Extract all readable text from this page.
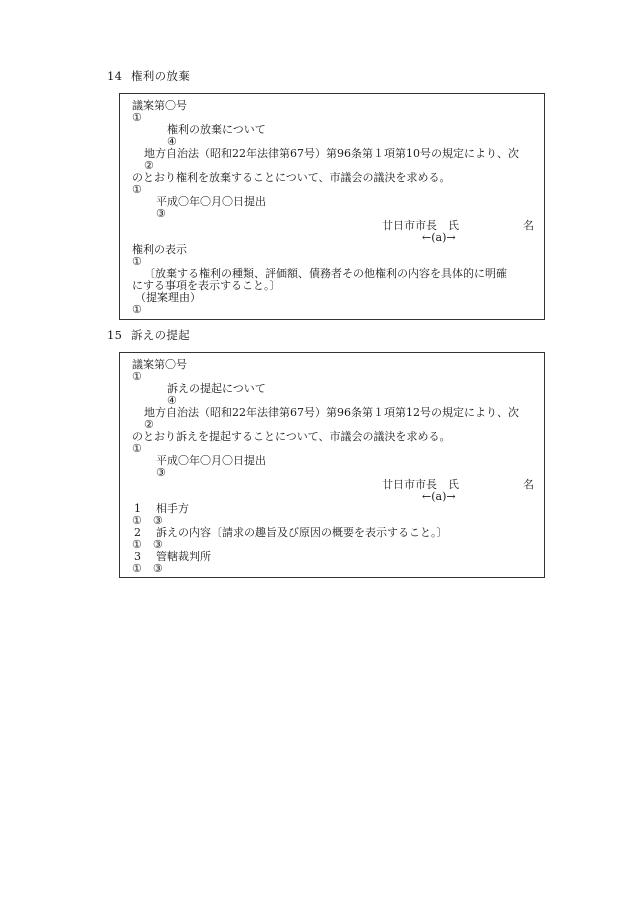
14 権利の放棄
議案第〇号
①
権利の放棄について
④
地方自治法（昭和22年法律第67号）第96条第１項第10号の規定により、次
②
のとおり権利を放棄することについて、市議会の議決を求める。
①
平成〇年〇月〇日提出
③
廿日市市長　氏	名
←(a)→
権利の表示
①
〔放棄する権利の種類、評価額、債務者その他権利の内容を具体的に明確
にする事項を表示すること。〕
（提案理由）
①
15 訴えの提起
議案第〇号
①
訴えの提起について
④
地方自治法（昭和22年法律第67号）第96条第１項第12号の規定により、次
②
のとおり訴えを提起することについて、市議会の議決を求める。
①
平成〇年〇月〇日提出
③
廿日市市長　氏	名
←(a)→
1 相手方
①　③
2 訴えの内容〔請求の趣旨及び原因の概要を表示すること。〕
①　③
3 管轄裁判所
①　③
